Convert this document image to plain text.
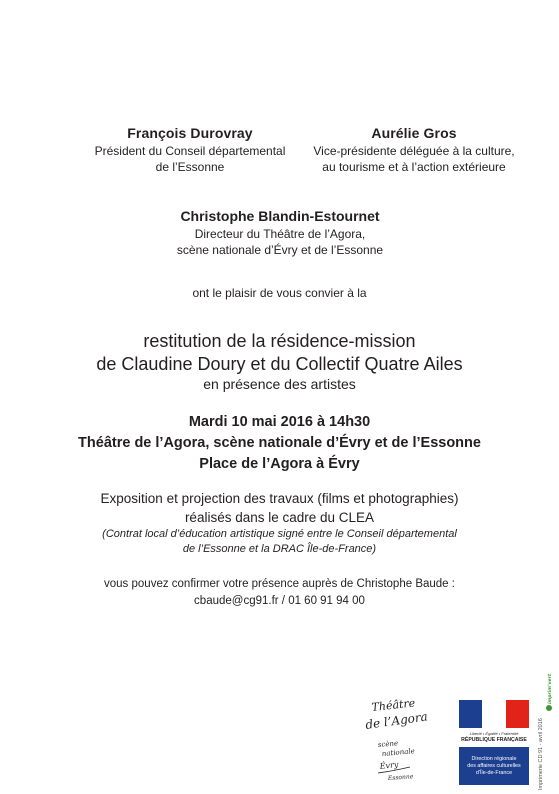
François Durovray
Président du Conseil départemental
de l’Essonne
Aurélie Gros
Vice-présidente déléguée à la culture,
au tourisme et à l’action extérieure
Christophe Blandin-Estournet
Directeur du Théâtre de l’Agora,
scène nationale d’Évry et de l’Essonne
ont le plaisir de vous convier à la
restitution de la résidence-mission
de Claudine Doury et du Collectif Quatre Ailes
en présence des artistes
Mardi 10 mai 2016 à 14h30
Théâtre de l’Agora, scène nationale d’Évry et de l’Essonne
Place de l’Agora à Évry
Exposition et projection des travaux (films et photographies)
réalisés dans le cadre du CLEA
(Contrat local d’éducation artistique signé entre le Conseil départemental
de l’Essonne et la DRAC Île-de-France)
vous pouvez confirmer votre présence auprès de Christophe Baude :
cbaude@cg91.fr / 01 60 91 94 00
Théâtre
de l’Agora
scène
nationale
Évry
Essonne
Liberté • Égalité • Fraternité
RÉPUBLIQUE FRANÇAISE
Direction régionale
des affaires culturelles
d’Île-de-France
imprim’vert
Imprimerie CD 91 - avril 2016
